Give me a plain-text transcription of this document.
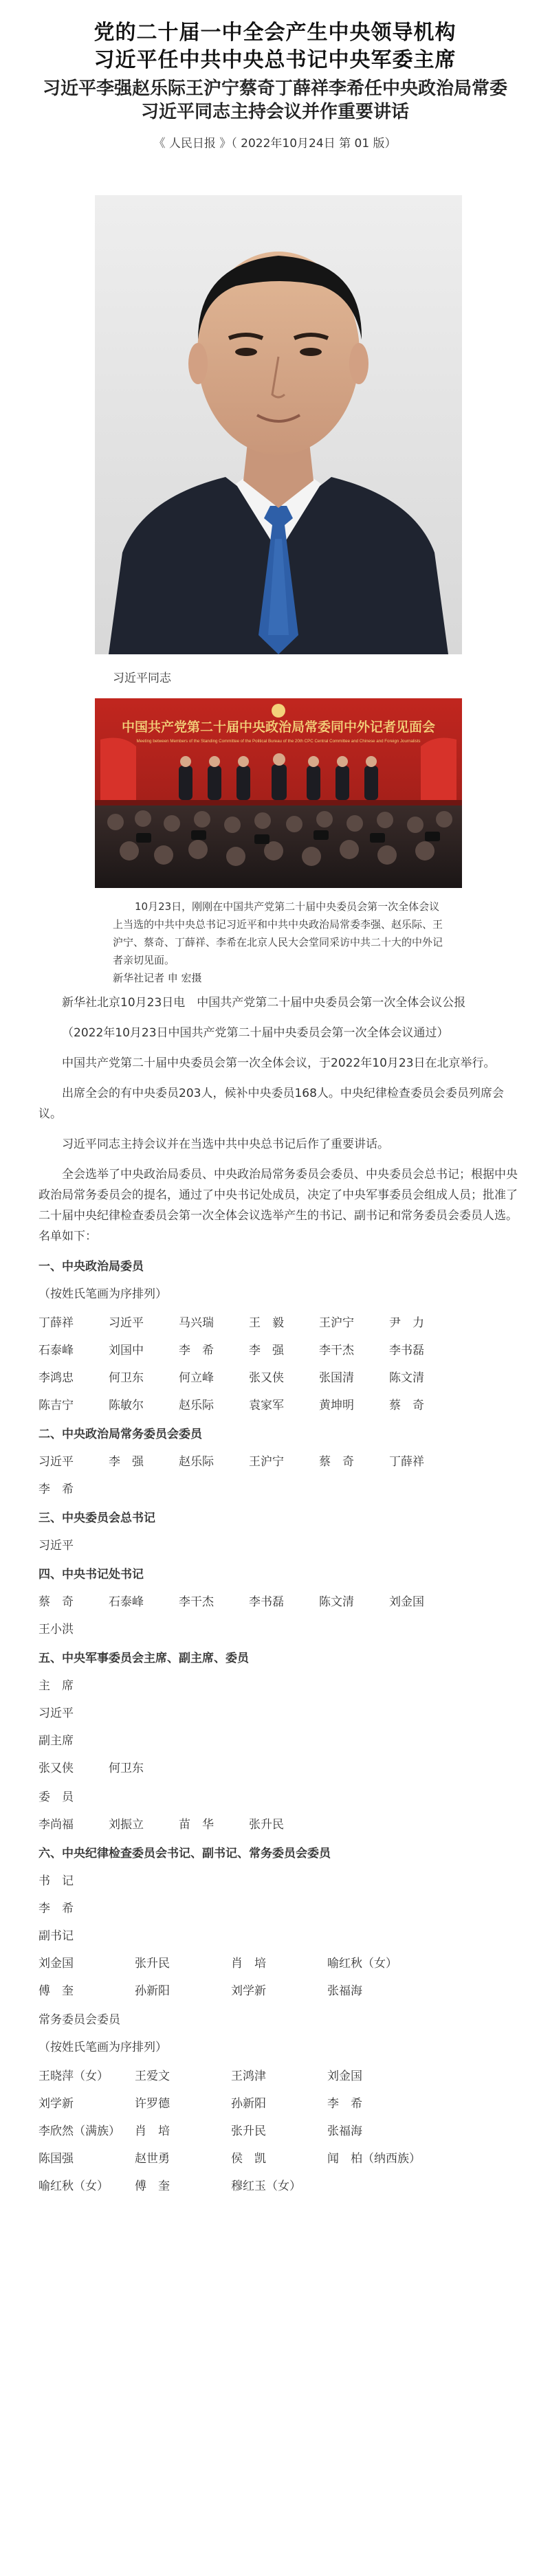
党的二十届一中全会产生中央领导机构

习近平任中共中央总书记中央军委主席

习近平李强赵乐际王沪宁蔡奇丁薛祥李希任中央政治局常委

习近平同志主持会议并作重要讲话

《 人民日报 》（ 2022年10月24日 第 01 版）
习近平同志
中国共产党第二十届中央政治局常委同中外记者见面会
Meeting between Members of the Standing Committee of the Political Bureau of the 20th CPC Central Committee and Chinese and Foreign Journalists
10月23日，刚刚在中国共产党第二十届中央委员会第一次全体会议上当选的中共中央总书记习近平和中共中央政治局常委李强、赵乐际、王沪宁、蔡奇、丁薛祥、李希在北京人民大会堂同采访中共二十大的中外记者亲切见面。
新华社记者 申 宏摄

新华社北京10月23日电　中国共产党第二十届中央委员会第一次全体会议公报

（2022年10月23日中国共产党第二十届中央委员会第一次全体会议通过）

中国共产党第二十届中央委员会第一次全体会议，于2022年10月23日在北京举行。

出席全会的有中央委员203人，候补中央委员168人。中央纪律检查委员会委员列席会议。

习近平同志主持会议并在当选中共中央总书记后作了重要讲话。

全会选举了中央政治局委员、中央政治局常务委员会委员、中央委员会总书记；根据中央政治局常务委员会的提名，通过了中央书记处成员，决定了中央军事委员会组成人员；批准了二十届中央纪律检查委员会第一次全体会议选举产生的书记、副书记和常务委员会委员人选。名单如下：

一、中央政治局委员
（按姓氏笔画为序排列）
丁薛祥	习近平	马兴瑞	王　毅	王沪宁	尹　力
石泰峰	刘国中	李　希	李　强	李干杰	李书磊
李鸿忠	何卫东	何立峰	张又侠	张国清	陈文清
陈吉宁	陈敏尔	赵乐际	袁家军	黄坤明	蔡　奇
二、中央政治局常务委员会委员
习近平	李　强	赵乐际	王沪宁	蔡　奇	丁薛祥
李　希
三、中央委员会总书记
习近平
四、中央书记处书记
蔡　奇	石泰峰	李干杰	李书磊	陈文清	刘金国
王小洪
五、中央军事委员会主席、副主席、委员
主　席
习近平
副主席
张又侠	何卫东
委　员
李尚福	刘振立	苗　华	张升民
六、中央纪律检查委员会书记、副书记、常务委员会委员
书　记
李　希
副书记
刘金国	张升民	肖　培	喻红秋（女）
傅　奎	孙新阳	刘学新	张福海
常务委员会委员
（按姓氏笔画为序排列）
王晓萍（女）	王爱文	王鸿津	刘金国
刘学新	许罗德	孙新阳	李　希
李欣然（满族）	肖　培	张升民	张福海
陈国强	赵世勇	侯　凯	闻　柏（纳西族）
喻红秋（女）	傅　奎	穆红玉（女）
